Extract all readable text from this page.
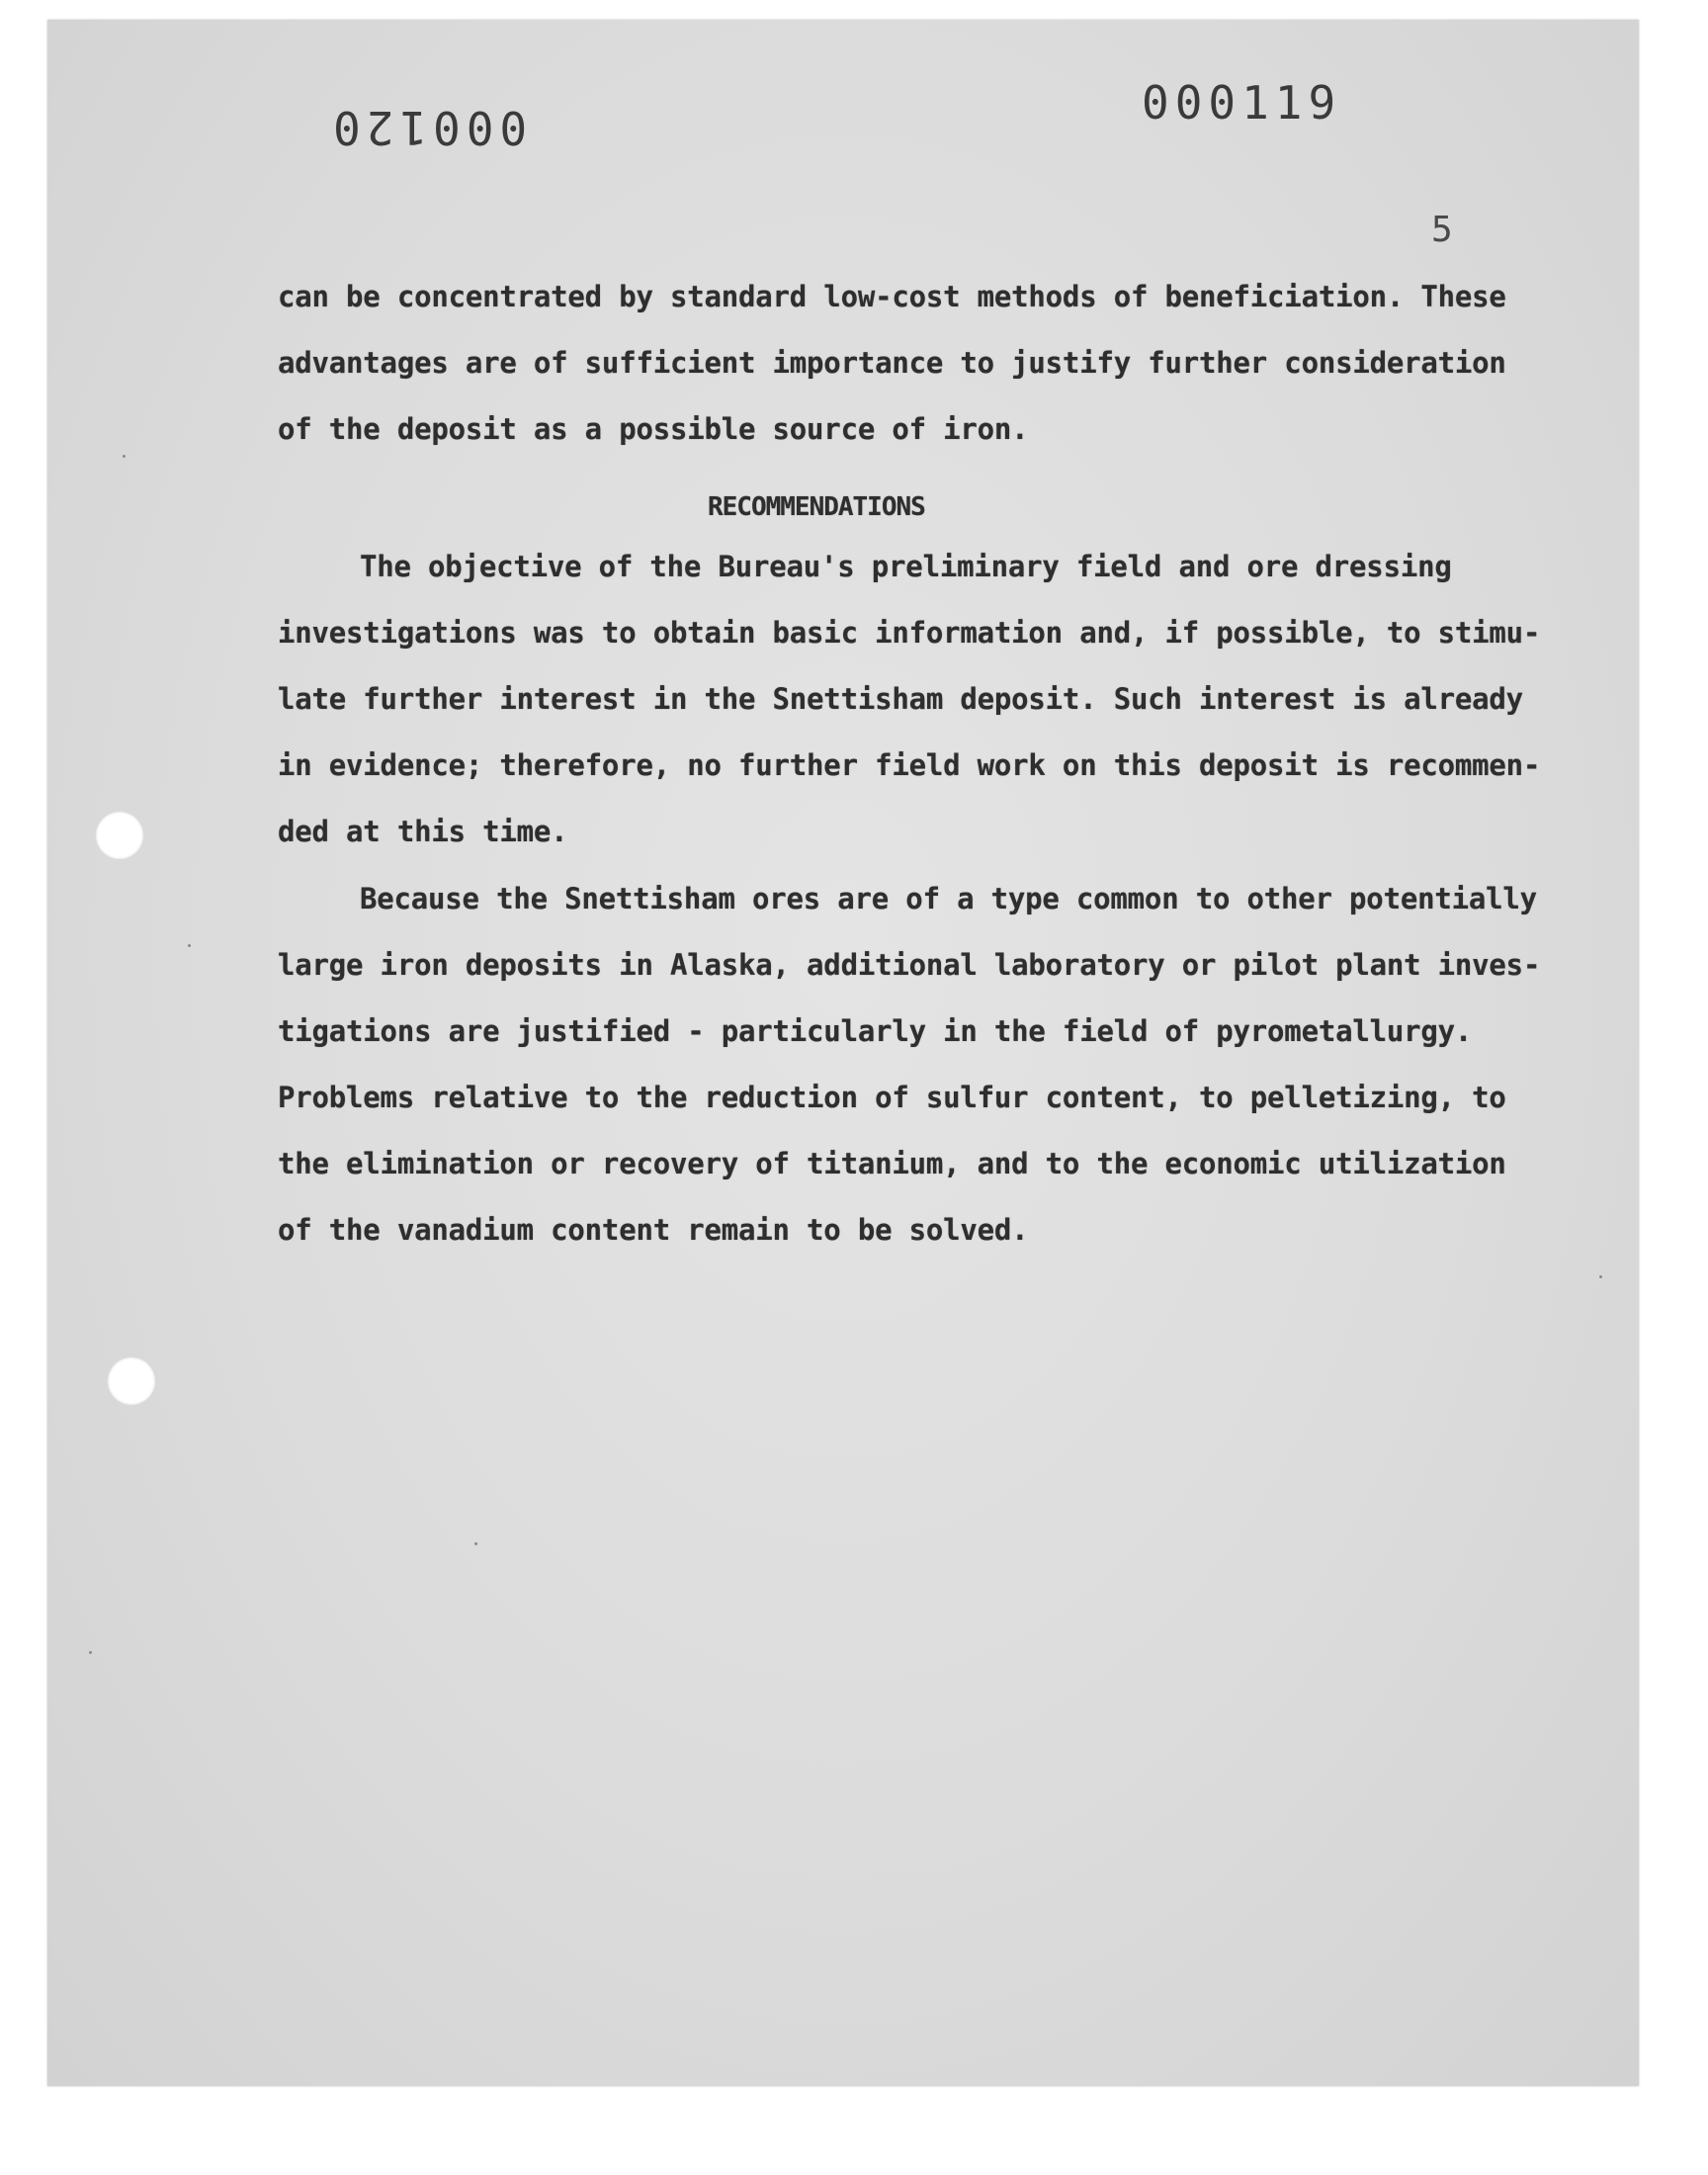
000120	000119
5
can be concentrated by standard low-cost methods of beneficiation. These
advantages are of sufficient importance to justify further consideration
of the deposit as a possible source of iron.
RECOMMENDATIONS
The objective of the Bureau's preliminary field and ore dressing
investigations was to obtain basic information and, if possible, to stimu-
late further interest in the Snettisham deposit. Such interest is already
in evidence; therefore, no further field work on this deposit is recommen-
ded at this time.
Because the Snettisham ores are of a type common to other potentially
large iron deposits in Alaska, additional laboratory or pilot plant inves-
tigations are justified - particularly in the field of pyrometallurgy.
Problems relative to the reduction of sulfur content, to pelletizing, to
the elimination or recovery of titanium, and to the economic utilization
of the vanadium content remain to be solved.
